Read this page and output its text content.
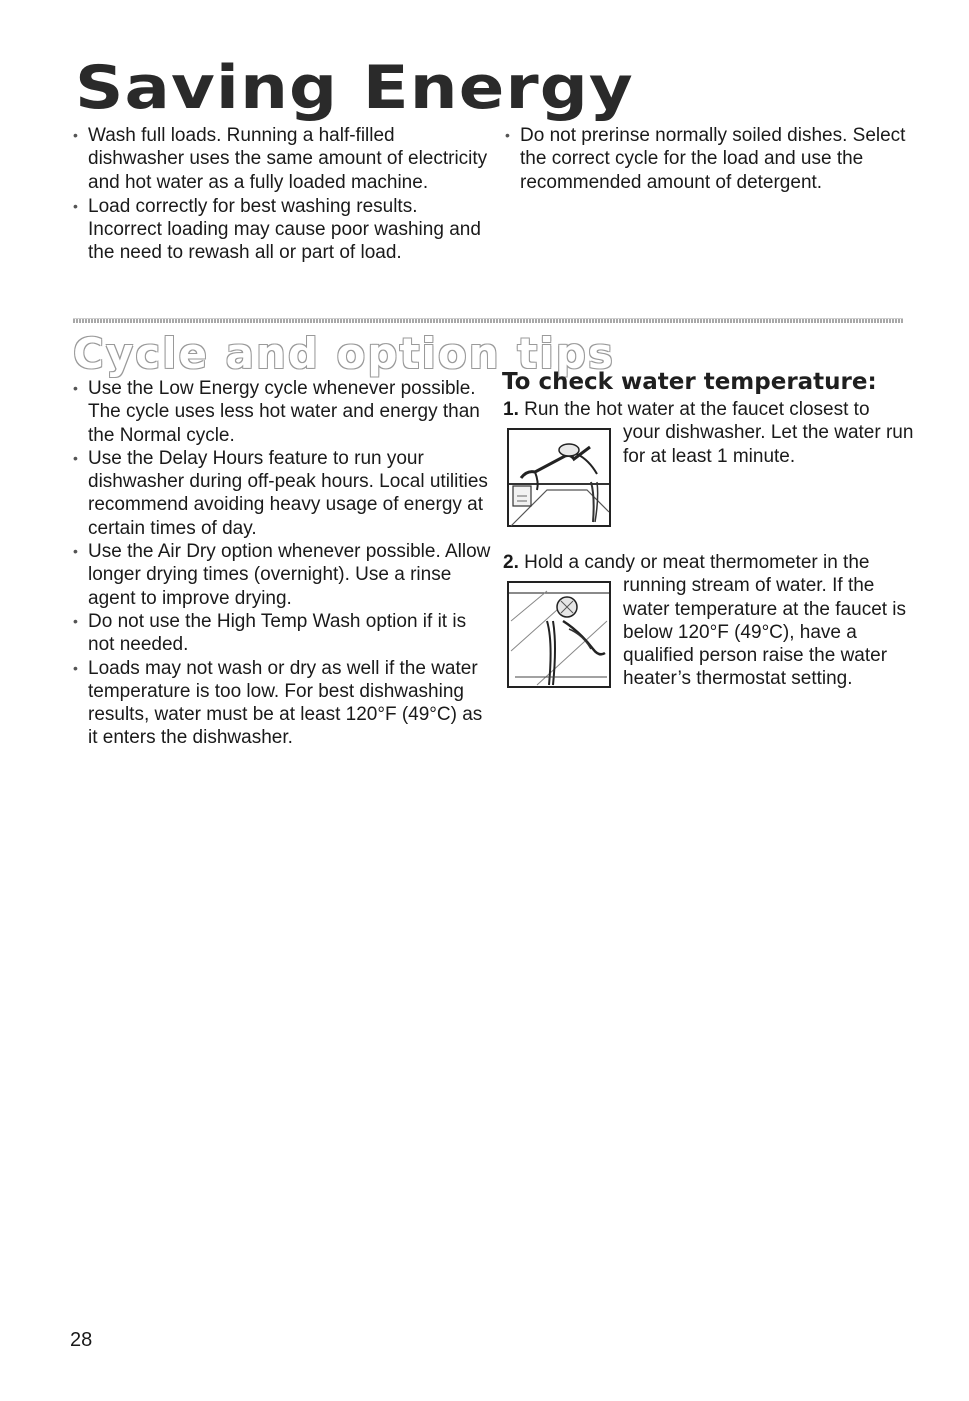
Saving Energy
• Wash full loads. Running a half-filled dishwasher uses the same amount of electricity and hot water as a fully loaded machine.
• Load correctly for best washing results. Incorrect loading may cause poor washing and the need to rewash all or part of load.
• Do not prerinse normally soiled dishes. Select the correct cycle for the load and use the recommended amount of detergent.
Cycle and option tips
• Use the Low Energy cycle whenever possible. The cycle uses less hot water and energy than the Normal cycle.
• Use the Delay Hours feature to run your dishwasher during off-peak hours. Local utilities recommend avoiding heavy usage of energy at certain times of day.
• Use the Air Dry option whenever possible. Allow longer drying times (overnight). Use a rinse agent to improve drying.
• Do not use the High Temp Wash option if it is not needed.
• Loads may not wash or dry as well if the water temperature is too low. For best dishwashing results, water must be at least 120°F (49°C) as it enters the dishwasher.
To check water temperature:
1. Run the hot water at the faucet closest to
your dishwasher. Let the water run for at least 1 minute.
2. Hold a candy or meat thermometer in the
running stream of water. If the water temperature at the faucet is below 120°F (49°C), have a qualified person raise the water heater’s thermostat setting.
28
